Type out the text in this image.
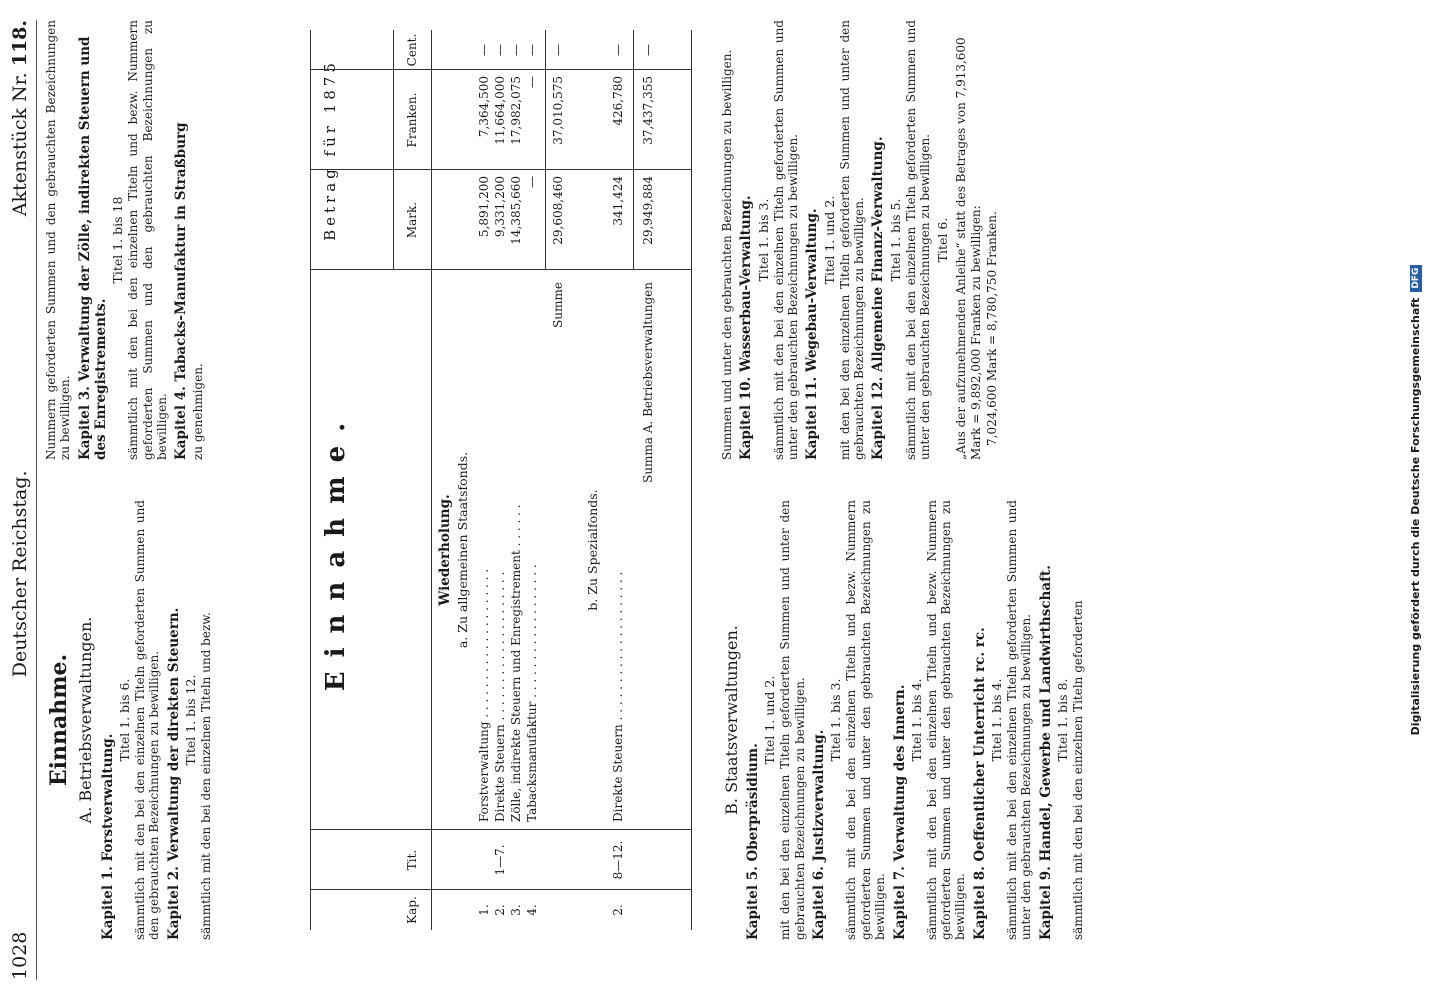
1028
Deutscher Reichstag.
Aktenstück Nr. 118.
Einnahme. A. Betriebsverwaltungen.
Kapitel 1. Forstverwaltung.
Titel 1. bis 6. sämmtlich mit den bei den einzelnen Titeln geforderten Summen und den gebrauchten Bezeichnungen zu bewilligen. Kapitel 2. Verwaltung der direkten Steuern. Titel 1. bis 12. sämmtlich mit den bei den einzelnen Titeln und bezw.
Nummern geforderten Summen und den gebrauchten Bezeichnungen zu bewilligen. Kapitel 3. Verwaltung der Zölle, indirekten Steuern und des Enregistrements.
Titel 1. bis 18 sämmtlich mit den bei den einzelnen Titeln und bezw. Nummern geforderten Summen und den gebrauchten Bezeichnungen zu bewilligen. Kapitel 4. Tabacks-Manufaktur in Straßburg zu genehmigen.
Kap.
Tit.
Mark.
Franken.
Cent.
Einnahme.
Betrag für 1875
Wiederholung. a. Zu allgemeinen Staatsfonds.
1.
Forstverwaltung . . . . . . . . . . . . . . . . . . . .
5,891,200
7,364,500
—
2.
1—7.
Direkte Steuern . . . . . . . . . . . . . . . . . . . .
9,331,200
11,664,000
—
3.
Zölle, indirekte Steuern und Enregistrement . . . . . .
14,385,660
17,982,075
—
4.
Tabacksmanufaktur . . . . . . . . . . . . . . . . . .
—
—
—
Summe
29,608,460
37,010,575
—
b. Zu Spezialfonds.
2.
8—12.
Direkte Steuern . . . . . . . . . . . . . . . . . . . .
341,424
426,780
—
Summa A. Betriebsverwaltungen
29,949,884
37,437,355
—
B. Staatsverwaltungen.
Kapitel 5. Oberpräsidium.
Titel 1. und 2. mit den bei den einzelnen Titeln geforderten Summen und unter den gebrauchten Bezeichnungen zu bewilligen. Kapitel 6. Justizverwaltung.
Titel 1. bis 3. sämmtlich mit den bei den einzelnen Titeln und bezw. Nummern geforderten Summen und unter den gebrauchten Bezeichnungen zu bewilligen. Kapitel 7. Verwaltung des Innern. Titel 1. bis 4. sämmtlich mit den bei den einzelnen Titeln und bezw. Nummern geforderten Summen und unter den gebrauchten Bezeichnungen zu bewilligen. Kapitel 8. Oeffentlicher Unterricht rc. rc. Titel 1. bis 4. sämmtlich mit den bei den einzelnen Titeln geforderten Summen und unter den gebrauchten Bezeichnungen zu bewilligen. Kapitel 9. Handel, Gewerbe und Landwirthschaft. Titel 1. bis 8. sämmtlich mit den bei den einzelnen Titeln geforderten
Summen und unter den gebrauchten Bezeichnungen zu bewilligen. Kapitel 10. Wasserbau-Verwaltung. Titel 1. bis 3. sämmtlich mit den bei den einzelnen Titeln geforderten Summen und unter den gebrauchten Bezeichnungen zu bewilligen. Kapitel 11. Wegebau-Verwaltung. Titel 1. und 2. mit den bei den einzelnen Titeln geforderten Summen und unter den gebrauchten Bezeichnungen zu bewilligen. Kapitel 12. Allgemeine Finanz-Verwaltung. Titel 1. bis 5. sämmtlich mit den bei den einzelnen Titeln geforderten Summen und unter den gebrauchten Bezeichnungen zu bewilligen. Titel 6. „Aus der aufzunehmenden Anleihe“ statt des Betrages von 7,913,600 Mark = 9,892,000 Franken zu bewilligen: 7,024,600 Mark = 8,780,750 Franken.	Digitalisierung gefördert durch die Deutsche Forschungsgemeinschaft
DFG
